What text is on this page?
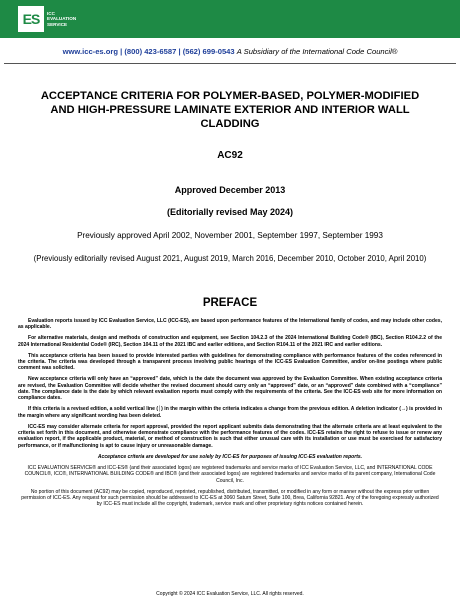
ES	ICC
EVALUATION
SERVICE
www.icc-es.org | (800) 423-6587 | (562) 699-0543 A Subsidiary of the International Code Council®
ACCEPTANCE CRITERIA FOR POLYMER-BASED, POLYMER-MODIFIED AND HIGH-PRESSURE LAMINATE EXTERIOR AND INTERIOR WALL CLADDING
AC92
Approved December 2013
(Editorially revised May 2024)
Previously approved April 2002, November 2001, September 1997, September 1993
(Previously editorially revised August 2021, August 2019, March 2016, December 2010, October 2010, April 2010)
PREFACE

Evaluation reports issued by ICC Evaluation Service, LLC (ICC-ES), are based upon performance features of the International family of codes, and may include other codes, as applicable.

For alternative materials, design and methods of construction and equipment, see Section 104.2.3 of the 2024 International Building Code® (IBC), Section R104.2.2 of the 2024 International Residential Code® (IRC), Section 104.11 of the 2021 IBC and earlier editions, and Section R104.11 of the 2021 IRC and earlier editions.

This acceptance criteria has been issued to provide interested parties with guidelines for demonstrating compliance with performance features of the codes referenced in the criteria. The criteria was developed through a transparent process involving public hearings of the ICC-ES Evaluation Committee, and/or on-line postings where public comment was solicited.

New acceptance criteria will only have an “approved” date, which is the date the document was approved by the Evaluation Committee. When existing acceptance criteria are revised, the Evaluation Committee will decide whether the revised document should carry only an “approved” date, or an “approved” date combined with a “compliance” date. The compliance date is the date by which relevant evaluation reports must comply with the requirements of the criteria. See the ICC-ES web site for more information on compliance dates.

If this criteria is a revised edition, a solid vertical line (│) in the margin within the criteria indicates a change from the previous edition. A deletion indicator (→) is provided in the margin where any significant wording has been deleted.

ICC-ES may consider alternate criteria for report approval, provided the report applicant submits data demonstrating that the alternate criteria are at least equivalent to the criteria set forth in this document, and otherwise demonstrate compliance with the performance features of the codes. ICC-ES retains the right to refuse to issue or renew any evaluation report, if the applicable product, material, or method of construction is such that either unusual care with its installation or use must be exercised for satisfactory performance, or if malfunctioning is apt to cause injury or unreasonable damage.

Acceptance criteria are developed for use solely by ICC-ES for purposes of issuing ICC-ES evaluation reports.

ICC EVALUATION SERVICE® and ICC-ES® (and their associated logos) are registered trademarks and service marks of ICC Evaluation Service, LLC, and INTERNATIONAL CODE COUNCIL®, ICC®, INTERNATIONAL BUILDING CODE® and IBC® (and their associated logos) are registered trademarks and service marks of its parent company, International Code Council, Inc.

No portion of this document (AC92) may be copied, reproduced, reprinted, republished, distributed, transmitted, or modified in any form or manner without the express prior written permission of ICC-ES. Any request for such permission should be addressed to ICC-ES at 3060 Saturn Street, Suite 100, Brea, California 92821. Any of the foregoing expressly authorized by ICC-ES must include all the copyright, trademark, service mark and other proprietary rights notices contained herein.

Copyright © 2024 ICC Evaluation Service, LLC. All rights reserved.
